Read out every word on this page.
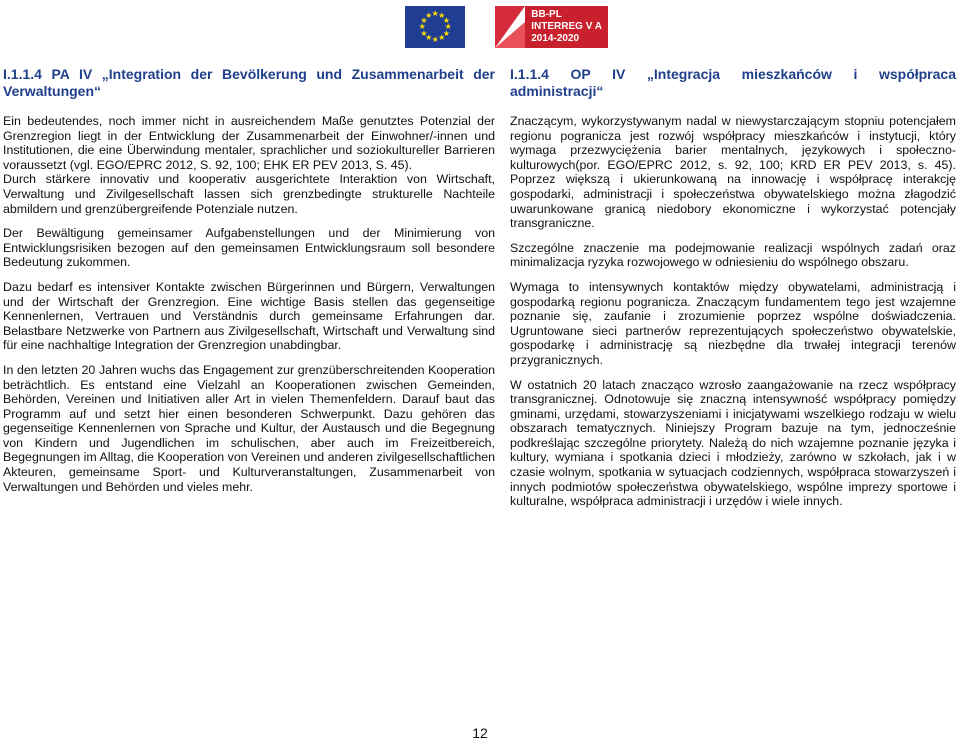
★ ★
★
★
★
★
★
★
★
★
★
★	BB-PL
INTERREG V A
2014-2020
I.1.1.4 PA IV „Integration der Bevölkerung und Zusammenarbeit der
Verwaltungen“

Ein bedeutendes, noch immer nicht in ausreichendem Maße genutztes Potenzial der Grenzregion liegt in der Entwicklung der Zusammenarbeit der Einwohner/-innen und Institutionen, die eine Überwindung mentaler, sprachlicher und soziokultureller Barrieren voraussetzt (vgl. EGO/EPRC 2012, S. 92, 100; EHK ER PEV 2013, S. 45).

Durch stärkere innovativ und kooperativ ausgerichtete Interaktion von Wirtschaft, Verwaltung und Zivilgesellschaft lassen sich grenzbedingte strukturelle Nachteile abmildern und grenzübergreifende Potenziale nutzen.

Der Bewältigung gemeinsamer Aufgabenstellungen und der Minimierung von Entwicklungsrisiken bezogen auf den gemeinsamen Entwicklungsraum soll besondere Bedeutung zukommen.

Dazu bedarf es intensiver Kontakte zwischen Bürgerinnen und Bürgern, Verwaltungen und der Wirtschaft der Grenzregion. Eine wichtige Basis stellen das gegenseitige Kennenlernen, Vertrauen und Verständnis durch gemeinsame Erfahrungen dar. Belastbare Netzwerke von Partnern aus Zivilgesellschaft, Wirtschaft und Verwaltung sind für eine nachhaltige Integration der Grenzregion unabdingbar.

In den letzten 20 Jahren wuchs das Engagement zur grenzüberschreitenden Kooperation beträchtlich. Es entstand eine Vielzahl an Kooperationen zwischen Gemeinden, Behörden, Vereinen und Initiativen aller Art in vielen Themenfeldern. Darauf baut das Programm auf und setzt hier einen besonderen Schwerpunkt. Dazu gehören das gegenseitige Kennenlernen von Sprache und Kultur, der Austausch und die Begegnung von Kindern und Jugendlichen im schulischen, aber auch im Freizeitbereich, Begegnungen im Alltag, die Kooperation von Vereinen und anderen zivilgesellschaftlichen Akteuren, gemeinsame Sport- und Kulturveranstaltungen, Zusammenarbeit von Verwaltungen und Behörden und vieles mehr.

I.1.1.4 OP IV „Integracja mieszkańców i współpraca
administracji“

Znaczącym, wykorzystywanym nadal w niewystarczającym stopniu potencjałem regionu pogranicza jest rozwój współpracy mieszkańców i instytucji, który wymaga przezwyciężenia barier mentalnych, językowych i społeczno-kulturowych(por. EGO/EPRC 2012, s. 92, 100; KRD ER PEV 2013, s. 45). Poprzez większą i ukierunkowaną na innowację i współpracę interakcję gospodarki, administracji i społeczeństwa obywatelskiego można złagodzić uwarunkowane granicą niedobory ekonomiczne i wykorzystać potencjały transgraniczne.

Szczególne znaczenie ma podejmowanie realizacji wspólnych zadań oraz minimalizacja ryzyka rozwojowego w odniesieniu do wspólnego obszaru.

Wymaga to intensywnych kontaktów między obywatelami, administracją i gospodarką regionu pogranicza. Znaczącym fundamentem tego jest wzajemne poznanie się, zaufanie i zrozumienie poprzez wspólne doświadczenia. Ugruntowane sieci partnerów reprezentujących społeczeństwo obywatelskie, gospodarkę i administrację są niezbędne dla trwałej integracji terenów przygranicznych.

W ostatnich 20 latach znacząco wzrosło zaangażowanie na rzecz współpracy transgranicznej. Odnotowuje się znaczną intensywność współpracy pomiędzy gminami, urzędami, stowarzyszeniami i inicjatywami wszelkiego rodzaju w wielu obszarach tematycznych. Niniejszy Program bazuje na tym, jednocześnie podkreślając szczególne priorytety. Należą do nich wzajemne poznanie języka i kultury, wymiana i spotkania dzieci i młodzieży, zarówno w szkołach, jak i w czasie wolnym, spotkania w sytuacjach codziennych, współpraca stowarzyszeń i innych podmiotów społeczeństwa obywatelskiego, wspólne imprezy sportowe i kulturalne, współpraca administracji i urzędów i wiele innych.

12
